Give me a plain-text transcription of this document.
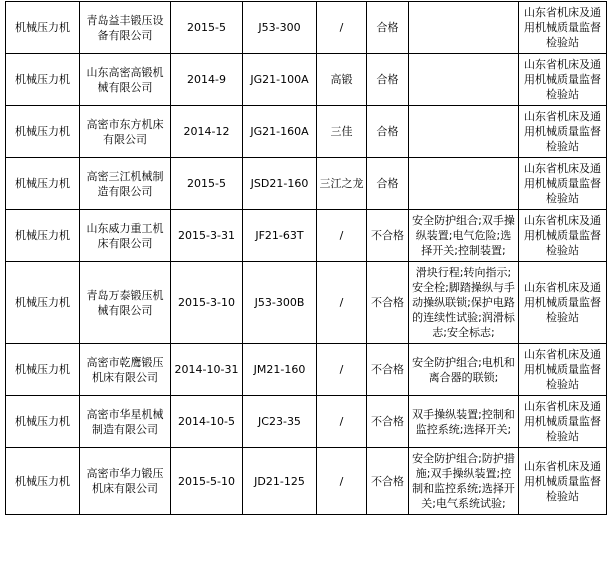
机械压力机	青岛益丰锻压设备有限公司	2015-5	J53-300	/	合格		山东省机床及通用机械质量监督检验站
机械压力机	山东高密高锻机械有限公司	2014-9	JG21-100A	高锻	合格		山东省机床及通用机械质量监督检验站
机械压力机	高密市东方机床有限公司	2014-12	JG21-160A	三佳	合格		山东省机床及通用机械质量监督检验站
机械压力机	高密三江机械制造有限公司	2015-5	JSD21-160	三江之龙	合格		山东省机床及通用机械质量监督检验站
机械压力机	山东威力重工机床有限公司	2015-3-31	JF21-63T	/	不合格	安全防护组合;双手操纵装置;电气危险;选择开关;控制装置;	山东省机床及通用机械质量监督检验站
机械压力机	青岛万泰锻压机械有限公司	2015-3-10	J53-300B	/	不合格	滑块行程;转向指示;安全栓;脚踏操纵与手动操纵联锁;保护电路的连续性试验;润滑标志;安全标志;	山东省机床及通用机械质量监督检验站
机械压力机	高密市乾鹰锻压机床有限公司	2014-10-31	JM21-160	/	不合格	安全防护组合;电机和离合器的联锁;	山东省机床及通用机械质量监督检验站
机械压力机	高密市华星机械制造有限公司	2014-10-5	JC23-35	/	不合格	双手操纵装置;控制和监控系统;选择开关;	山东省机床及通用机械质量监督检验站
机械压力机	高密市华力锻压机床有限公司	2015-5-10	JD21-125	/	不合格	安全防护组合;防护措施;双手操纵装置;控制和监控系统;选择开关;电气系统试验;	山东省机床及通用机械质量监督检验站
